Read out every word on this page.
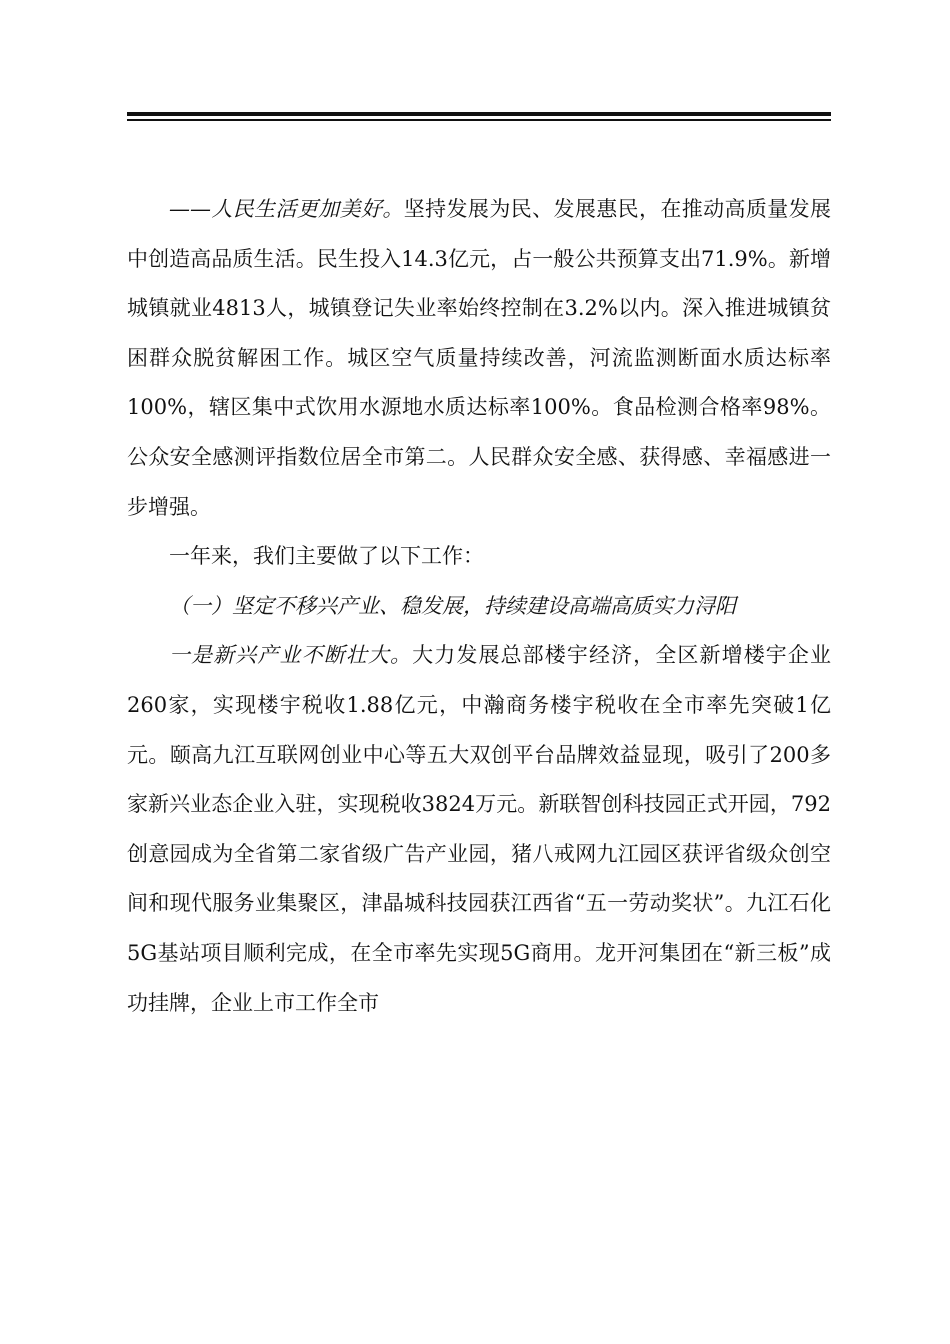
——人民生活更加美好。坚持发展为民、发展惠民，在推动高质量发展中创造高品质生活。民生投入14.3亿元，占一般公共预算支出71.9%。新增城镇就业4813人，城镇登记失业率始终控制在3.2%以内。深入推进城镇贫困群众脱贫解困工作。城区空气质量持续改善，河流监测断面水质达标率100%，辖区集中式饮用水源地水质达标率100%。食品检测合格率98%。公众安全感测评指数位居全市第二。人民群众安全感、获得感、幸福感进一步增强。

一年来，我们主要做了以下工作：

（一）坚定不移兴产业、稳发展，持续建设高端高质实力浔阳

一是新兴产业不断壮大。大力发展总部楼宇经济，全区新增楼宇企业260家，实现楼宇税收1.88亿元，中瀚商务楼宇税收在全市率先突破1亿元。颐高九江互联网创业中心等五大双创平台品牌效益显现，吸引了200多家新兴业态企业入驻，实现税收3824万元。新联智创科技园正式开园，792创意园成为全省第二家省级广告产业园，猪八戒网九江园区获评省级众创空间和现代服务业集聚区，津晶城科技园获江西省“五一劳动奖状”。九江石化5G基站项目顺利完成，在全市率先实现5G商用。龙开河集团在“新三板”成功挂牌，企业上市工作全市
